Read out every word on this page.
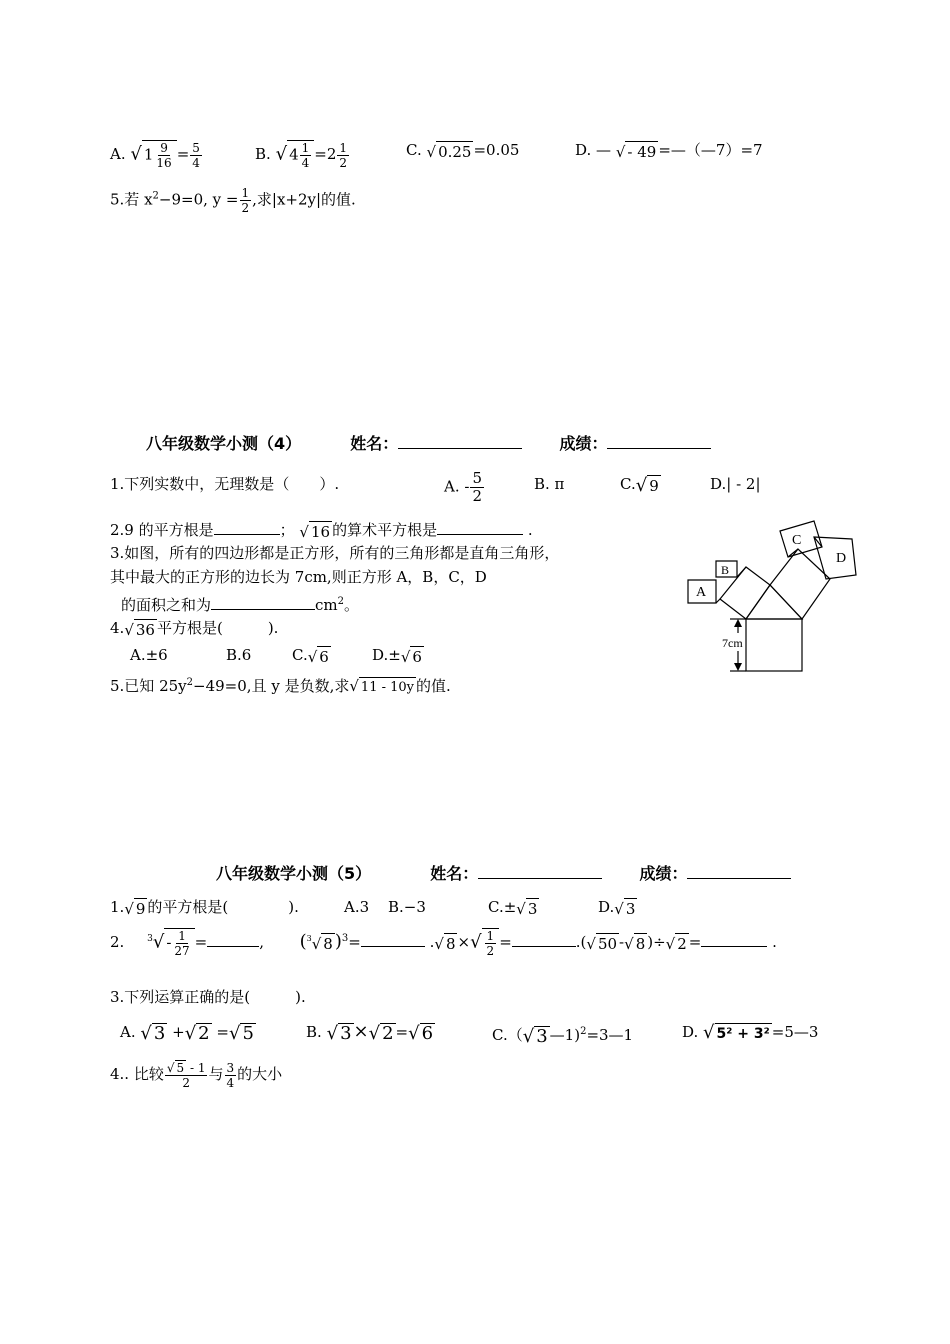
A. √ $1 \frac{9}{16} = \frac{5}{4}$	B. √ $4 \frac{1}{4} =2 \frac{1}{2}$	C. √ 0.25 =0.05	D. — √ - 49 =—（—7）=7
5.若 $x^2-9=0$, $y = \frac{1}{2}$ ,求|x+2y|的值.
八年级数学小测（4）	姓名：	成绩：
1.下列实数中，无理数是（　　）.	A. - $\frac{5}{2}$	B. π	C.√ 9	D.| - 2|
2.9 的平方根是	； √ 16 的算术平方根是	.
3.如图，所有的四边形都是正方形，所有的三角形都是直角三角形，
其中最大的正方形的边长为 7cm,则正方形 A，B，C，D
的面积之和为	$cm^2$。
4.√ 36 平方根是(　　　).
A.±6	B.6	C.√ 6	D.±√ 6
5.已知 $25y^2-49=0$,且 y 是负数,求√ 11 - 10y 的值.
A
B
C
D
7cm
八年级数学小测（5）	姓名：	成绩：
1.√ 9 的平方根是(　　　　).	A.3 B.−3	C.±√ 3	D.√ 3
2.	$^3√ - \frac{1}{27}$ =	, ($^3$√ 8 )$^3$=	.√ 8 ×√ $\frac{1}{2}$ =	.(√ 50 -√ 8 )÷√ 2 =	.
3.下列运算正确的是(　　　).
A. √ 3 +√ 2 =√ 5	B. √ 3 ×√ 2 =√ 6	C.（√ 3 —1)$^2$=3—1	D. √ 5² + 3² =5—3
4.. 比较 $\frac{√ 5 - 1}{2}$ 与 $\frac{3}{4}$ 的大小
